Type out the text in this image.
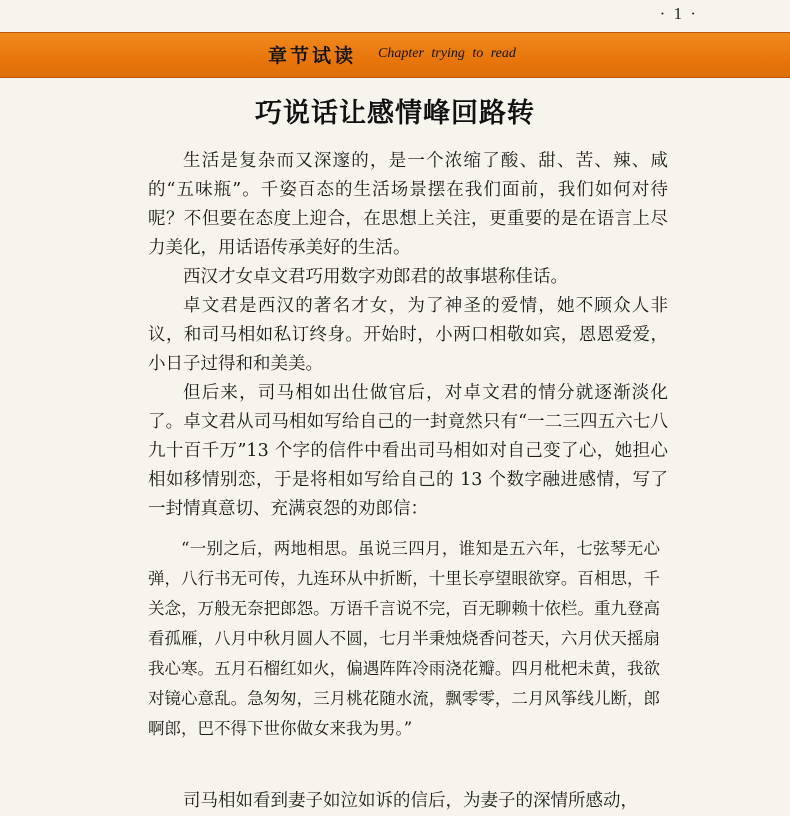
· 1 ·
章节试读 Chapter trying to read
巧说话让感情峰回路转

生活是复杂而又深邃的，是一个浓缩了酸、甜、苦、辣、咸的“五味瓶”。千姿百态的生活场景摆在我们面前，我们如何对待呢？不但要在态度上迎合，在思想上关注，更重要的是在语言上尽力美化，用话语传承美好的生活。

西汉才女卓文君巧用数字劝郎君的故事堪称佳话。

卓文君是西汉的著名才女，为了神圣的爱情，她不顾众人非议，和司马相如私订终身。开始时，小两口相敬如宾，恩恩爱爱，小日子过得和和美美。

但后来，司马相如出仕做官后，对卓文君的情分就逐渐淡化了。卓文君从司马相如写给自己的一封竟然只有“一二三四五六七八九十百千万”13 个字的信件中看出司马相如对自己变了心，她担心相如移情别恋，于是将相如写给自己的 13 个数字融进感情，写了一封情真意切、充满哀怨的劝郎信：

“一别之后，两地相思。虽说三四月，谁知是五六年，七弦琴无心弹，八行书无可传，九连环从中折断，十里长亭望眼欲穿。百相思，千关念，万般无奈把郎怨。万语千言说不完，百无聊赖十依栏。重九登高看孤雁，八月中秋月圆人不圆，七月半秉烛烧香问苍天，六月伏天摇扇我心寒。五月石榴红如火，偏遇阵阵冷雨浇花瓣。四月枇杷未黄，我欲对镜心意乱。急匆匆，三月桃花随水流，飘零零，二月风筝线儿断，郎啊郎，巴不得下世你做女来我为男。”

司马相如看到妻子如泣如诉的信后，为妻子的深情所感动，
